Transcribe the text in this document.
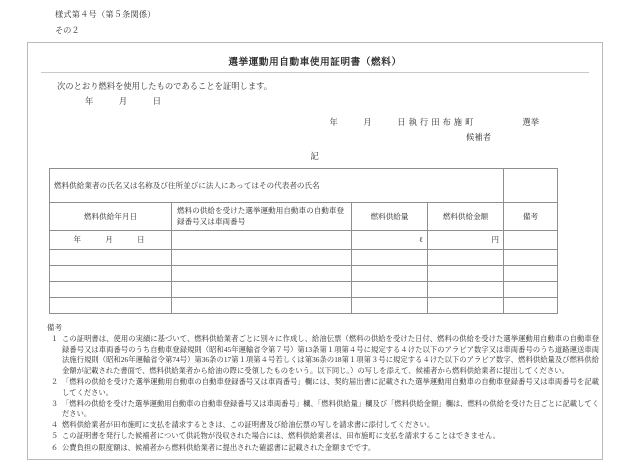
様式第４号（第５条関係）
その２
選挙運動用自動車使用証明書（燃料）
次のとおり燃料を使用したものであることを証明します。
年　　月　　日
年　　月　　日執行田布施町	選挙
候補者
記
燃料供給業者の氏名又は名称及び住所並びに法人にあってはその代表者の氏名				
燃料供給年月日	燃料の供給を受けた選挙運動用自動車の自動車登録番号又は車両番号	燃料供給量	燃料供給金額	備考
年　　月　　日		ℓ	円	

備考
１ この証明書は、使用の実績に基づいて、燃料供給業者ごとに別々に作成し、給油伝票（燃料の供給を受けた日付、燃料の供給を受けた選挙運動用自動車の自動車登録番号又は車両番号のうち自動車登録規則（昭和45年運輸省令第７号）第13条第１項第４号に規定する４けた以下のアラビア数字又は車両番号のうち道路運送車両法施行規則（昭和26年運輸省令第74号）第36条の17第１項第４号若しくは第36条の18第１項第３号に規定する４けた以下のアラビア数字、燃料供給量及び燃料供給金額が記載された書面で、燃料供給業者から給油の際に受領したものをいう。以下同じ。）の写しを添えて、候補者から燃料供給業者に提出してください。
２ 「燃料の供給を受けた選挙運動用自動車の自動車登録番号又は車両番号」欄には、契約届出書に記載された選挙運動用自動車の自動車登録番号又は車両番号を記載してください。
３ 「燃料の供給を受けた選挙運動用自動車の自動車登録番号又は車両番号」欄、「燃料供給量」欄及び「燃料供給金額」欄は、燃料の供給を受けた日ごとに記載してください。
４ 燃料供給業者が田布施町に支払を請求するときは、この証明書及び給油伝票の写しを請求書に添付してください。
５ この証明書を発行した候補者について供託物が没収された場合には、燃料供給業者は、田布施町に支払を請求することはできません。
６ 公費負担の限度額は、候補者から燃料供給業者に提出された確認書に記載された金額までです。
